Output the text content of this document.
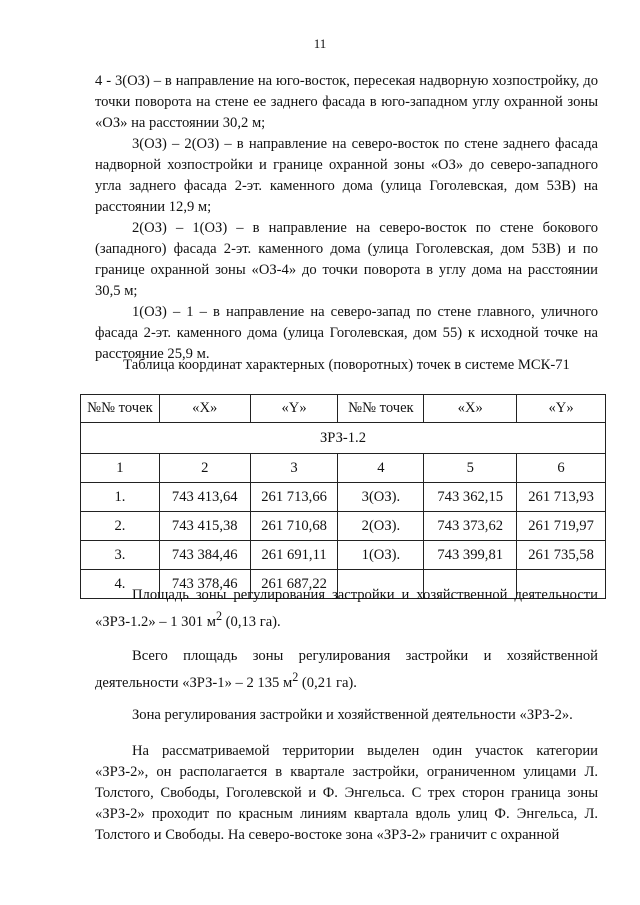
11

4 - 3(ОЗ) – в направление на юго-восток, пересекая надворную хозпостройку, до точки поворота на стене ее заднего фасада в юго-западном углу охранной зоны «ОЗ» на расстоянии 30,2 м;

3(ОЗ) – 2(ОЗ) – в направление на северо-восток по стене заднего фасада надворной хозпостройки и границе охранной зоны «ОЗ» до северо-западного угла заднего фасада 2-эт. каменного дома (улица Гоголевская, дом 53В) на расстоянии 12,9 м;

2(ОЗ) – 1(ОЗ) – в направление на северо-восток по стене бокового (западного) фасада 2-эт. каменного дома (улица Гоголевская, дом 53В) и по границе охранной зоны «ОЗ-4» до точки поворота в углу дома на расстоянии 30,5 м;

1(ОЗ) – 1 – в направление на северо-запад по стене главного, уличного фасада 2-эт. каменного дома (улица Гоголевская, дом 55) к исходной точке на расстояние 25,9 м.

Таблица координат характерных (поворотных) точек в системе МСК-71
№№ точек	«X»	«Y»	№№ точек	«X»	«Y»
ЗРЗ-1.2					
1	2	3	4	5	6
1.	743 413,64	261 713,66	3(ОЗ).	743 362,15	261 713,93
2.	743 415,38	261 710,68	2(ОЗ).	743 373,62	261 719,97
3.	743 384,46	261 691,11	1(ОЗ).	743 399,81	261 735,58
4.	743 378,46	261 687,22			

Площадь зоны регулирования застройки и хозяйственной деятельности «ЗРЗ-1.2» – 1 301 $м^2$ (0,13 га).

Всего площадь зоны регулирования застройки и хозяйственной деятельности «ЗРЗ-1» – 2 135 $м^2$ (0,21 га).

Зона регулирования застройки и хозяйственной деятельности «ЗРЗ-2».

На рассматриваемой территории выделен один участок категории «ЗРЗ-2», он располагается в квартале застройки, ограниченном улицами Л. Толстого, Свободы, Гоголевской и Ф. Энгельса. С трех сторон граница зоны «ЗРЗ-2» проходит по красным линиям квартала вдоль улиц Ф. Энгельса, Л. Толстого и Свободы. На северо-востоке зона «ЗРЗ-2» граничит с охранной
